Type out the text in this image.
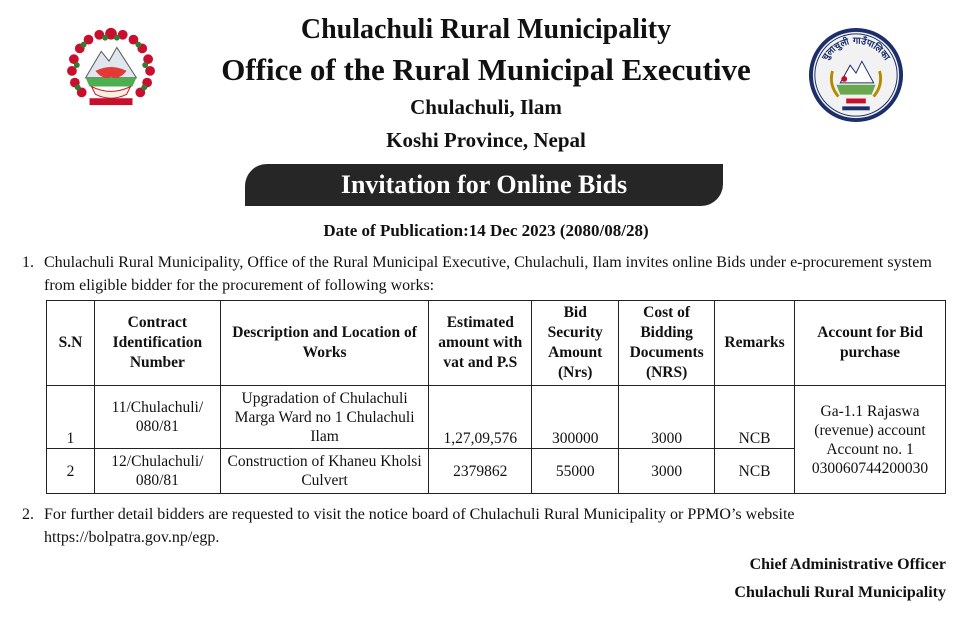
चुलाचुली गाउँपालिका
Chulachuli Rural Municipality
Office of the Rural Municipal Executive
Chulachuli, Ilam
Koshi Province, Nepal
Invitation for Online Bids
Date of Publication:14 Dec 2023 (2080/08/28)
1. Chulachuli Rural Municipality, Office of the Rural Municipal Executive, Chulachuli, Ilam invites online Bids under e-procurement system from eligible bidder for the procurement of following works:
S.N	Contract Identification Number	Description and Location of Works	Estimated amount with vat and P.S	Bid Security Amount (Nrs)	Cost of Bidding Documents (NRS)	Remarks	Account for Bid purchase
1	11/Chulachuli/ 080/81	Upgradation of Chulachuli Marga Ward no 1 Chulachuli Ilam	1,27,09,576	300000	3000	NCB	Ga-1.1 Rajaswa (revenue) account Account no. 1 030060744200030
2	12/Chulachuli/ 080/81	Construction of Khaneu Kholsi Culvert	2379862	55000	3000	NCB	
2. For further detail bidders are requested to visit the notice board of Chulachuli Rural Municipality or PPMO’s website https://bolpatra.gov.np/egp.
Chief Administrative Officer
Chulachuli Rural Municipality
